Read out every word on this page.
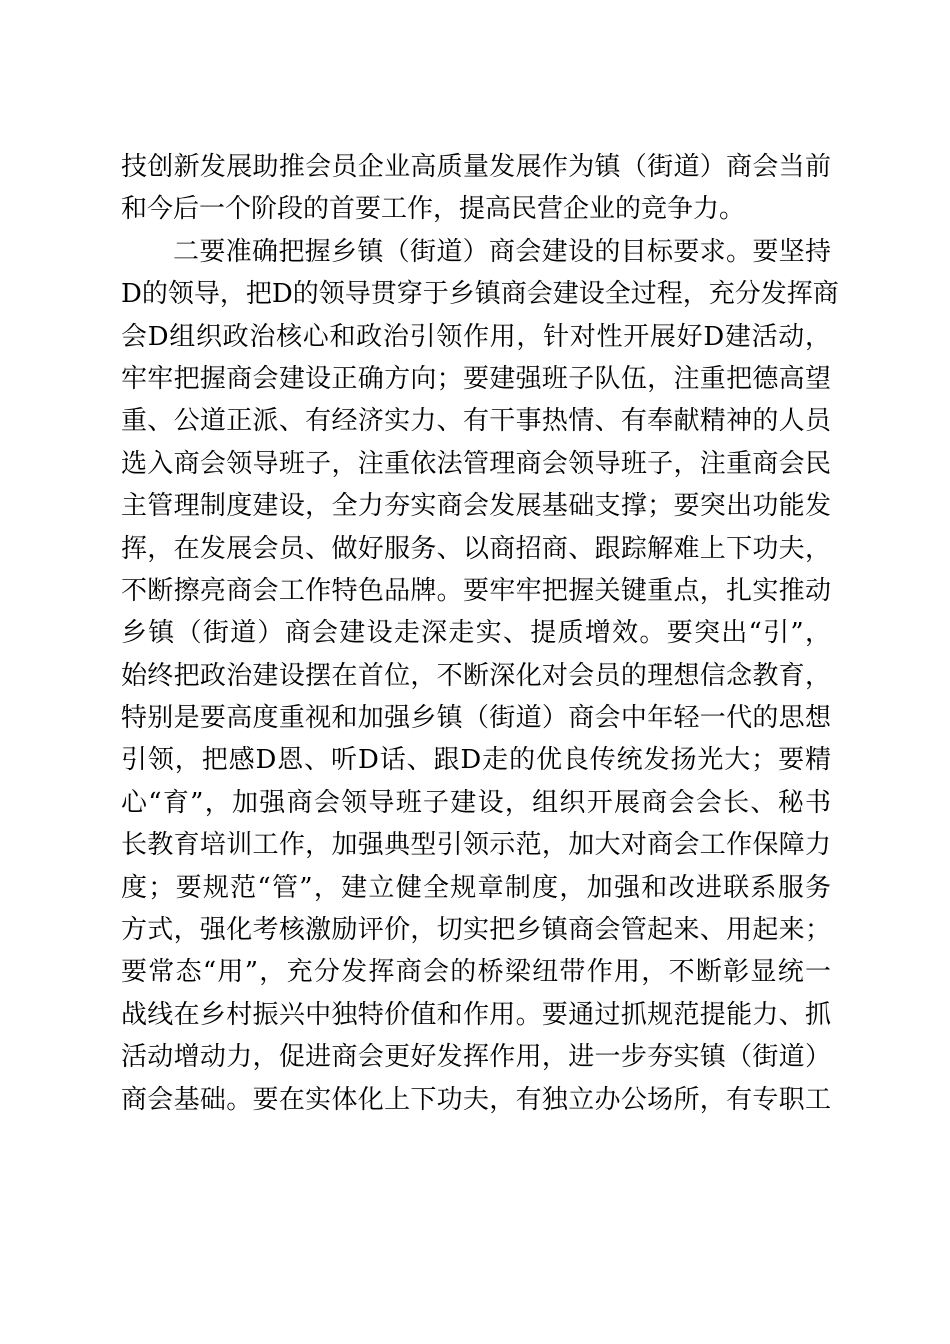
技创新发展助推会员企业高质量发展作为镇（街道）商会当前
和今后一个阶段的首要工作，提高民营企业的竞争力。
二要准确把握乡镇（街道）商会建设的目标要求。要坚持
D的领导，把D的领导贯穿于乡镇商会建设全过程，充分发挥商
会D组织政治核心和政治引领作用，针对性开展好D建活动，
牢牢把握商会建设正确方向；要建强班子队伍，注重把德高望
重、公道正派、有经济实力、有干事热情、有奉献精神的人员
选入商会领导班子，注重依法管理商会领导班子，注重商会民
主管理制度建设，全力夯实商会发展基础支撑；要突出功能发
挥，在发展会员、做好服务、以商招商、跟踪解难上下功夫，
不断擦亮商会工作特色品牌。要牢牢把握关键重点，扎实推动
乡镇（街道）商会建设走深走实、提质增效。要突出“引”，
始终把政治建设摆在首位，不断深化对会员的理想信念教育，
特别是要高度重视和加强乡镇（街道）商会中年轻一代的思想
引领，把感D恩、听D话、跟D走的优良传统发扬光大；要精
心“育”，加强商会领导班子建设，组织开展商会会长、秘书
长教育培训工作，加强典型引领示范，加大对商会工作保障力
度；要规范“管”，建立健全规章制度，加强和改进联系服务
方式，强化考核激励评价，切实把乡镇商会管起来、用起来；
要常态“用”，充分发挥商会的桥梁纽带作用，不断彰显统一
战线在乡村振兴中独特价值和作用。要通过抓规范提能力、抓
活动增动力，促进商会更好发挥作用，进一步夯实镇（街道）
商会基础。要在实体化上下功夫，有独立办公场所，有专职工
